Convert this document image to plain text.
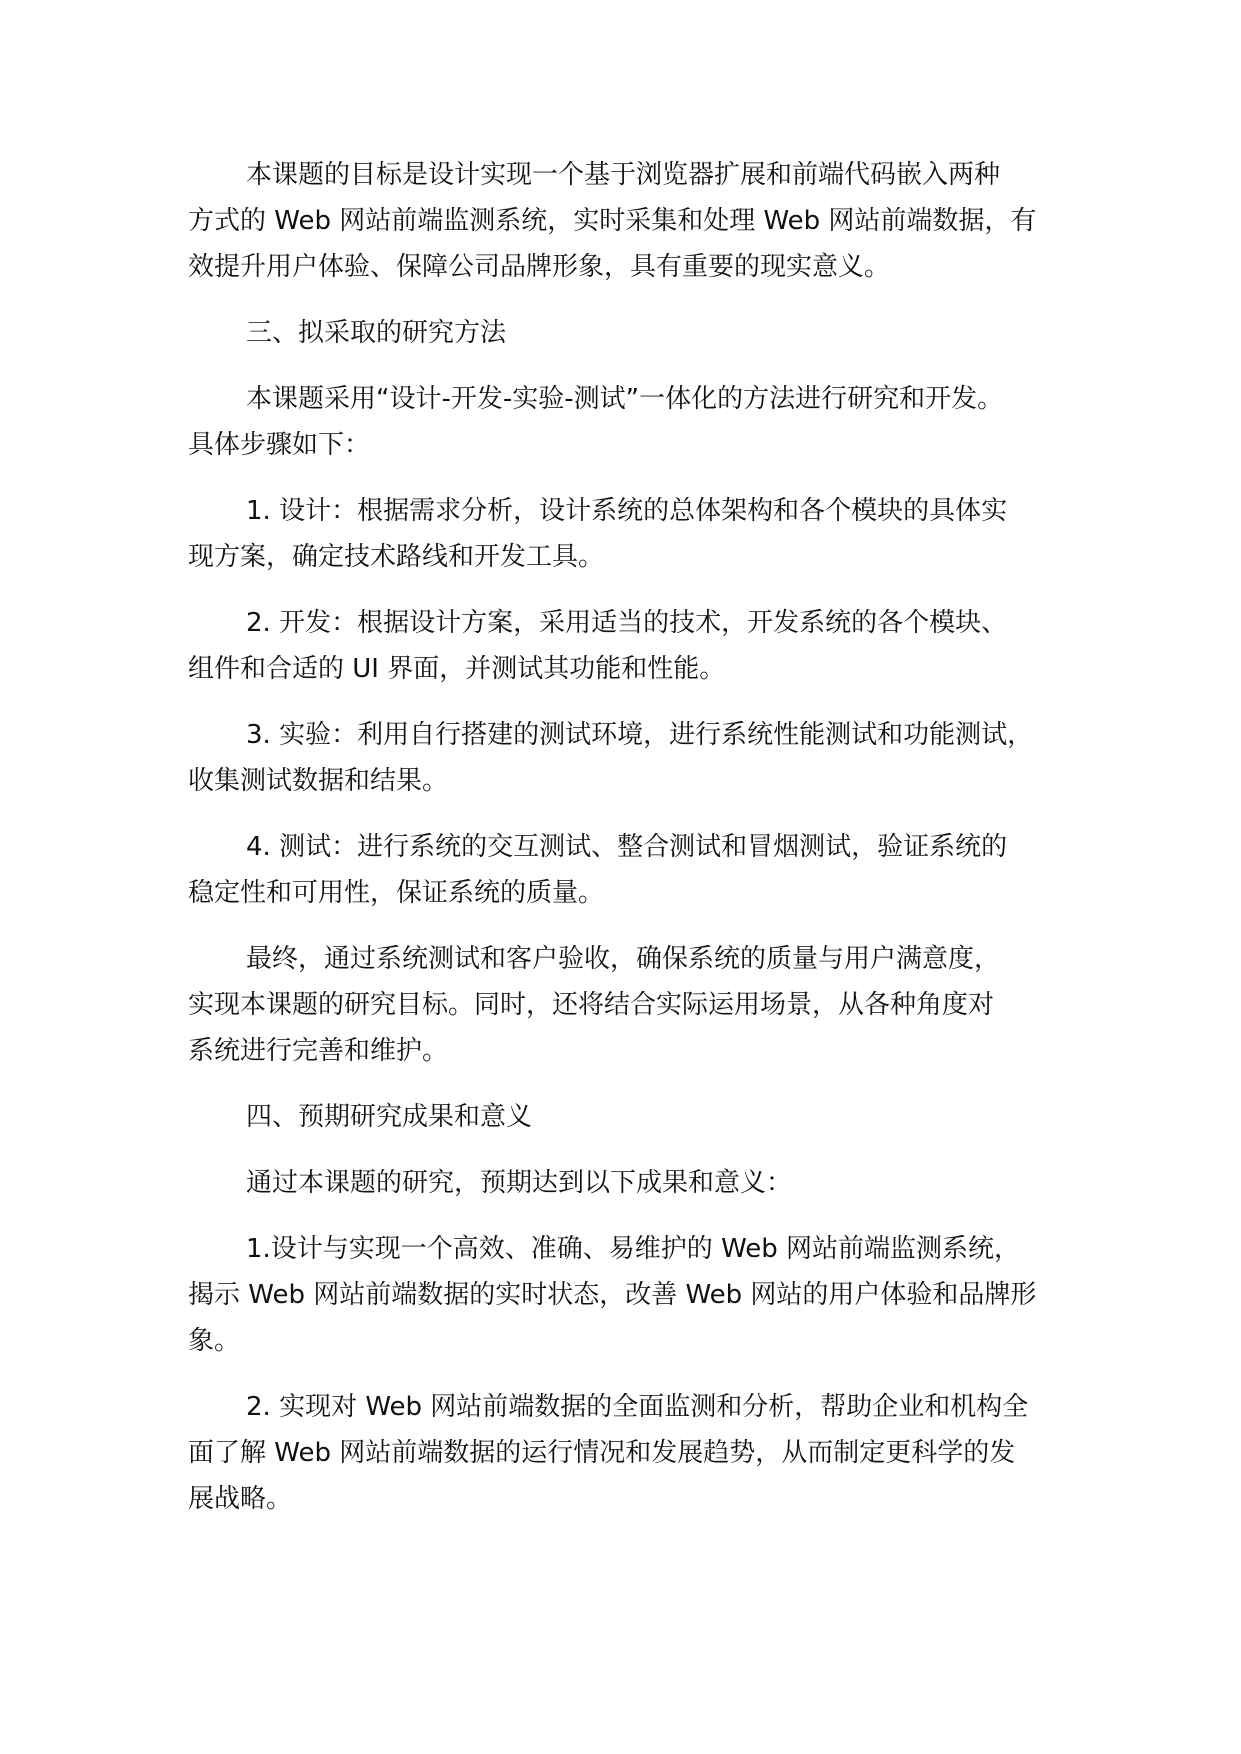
本课题的目标是设计实现一个基于浏览器扩展和前端代码嵌入两种
方式的 Web 网站前端监测系统，实时采集和处理 Web 网站前端数据，有
效提升用户体验、保障公司品牌形象，具有重要的现实意义。
三、拟采取的研究方法
本课题采用“设计-开发-实验-测试”一体化的方法进行研究和开发。
具体步骤如下：
1. 设计：根据需求分析，设计系统的总体架构和各个模块的具体实
现方案，确定技术路线和开发工具。
2. 开发：根据设计方案，采用适当的技术，开发系统的各个模块、
组件和合适的 UI 界面，并测试其功能和性能。
3. 实验：利用自行搭建的测试环境，进行系统性能测试和功能测试，
收集测试数据和结果。
4. 测试：进行系统的交互测试、整合测试和冒烟测试，验证系统的
稳定性和可用性，保证系统的质量。
最终，通过系统测试和客户验收，确保系统的质量与用户满意度，
实现本课题的研究目标。同时，还将结合实际运用场景，从各种角度对
系统进行完善和维护。
四、预期研究成果和意义
通过本课题的研究，预期达到以下成果和意义：
1.设计与实现一个高效、准确、易维护的 Web 网站前端监测系统，
揭示 Web 网站前端数据的实时状态，改善 Web 网站的用户体验和品牌形
象。
2. 实现对 Web 网站前端数据的全面监测和分析，帮助企业和机构全
面了解 Web 网站前端数据的运行情况和发展趋势，从而制定更科学的发
展战略。
